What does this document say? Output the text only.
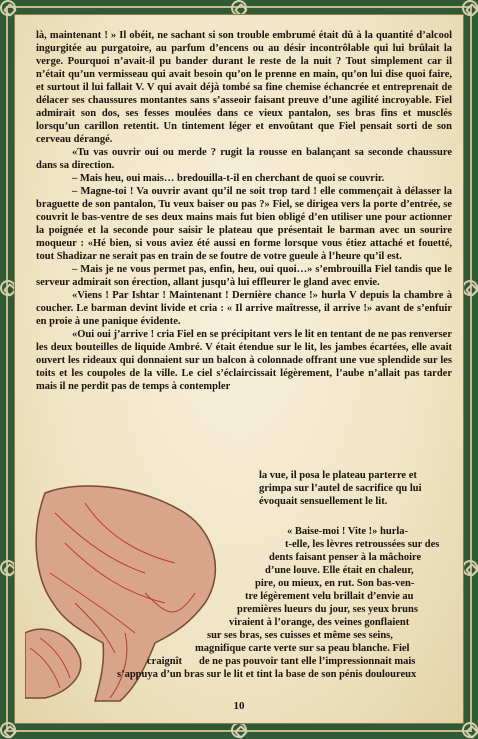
là, maintenant ! » Il obéit, ne sachant si son trouble embrumé était dû à la quantité d’alcool ingurgitée au purgatoire, au parfum d’encens ou au désir incontrôlable qui lui brûlait la verge. Pourquoi n’avait-il pu bander durant le reste de la nuit ? Tout simplement car il n’était qu’un vermisseau qui avait besoin qu’on le prenne en main, qu’on lui dise quoi faire, et surtout il lui fallait V. V qui avait déjà tombé sa fine chemise échancrée et entreprenait de délacer ses chaussures montantes sans s’asseoir faisant preuve d’une agilité incroyable. Fiel admirait son dos, ses fesses moulées dans ce vieux pantalon, ses bras fins et musclés lorsqu’un carillon retentit. Un tintement léger et envoûtant que Fiel pensait sorti de son cerveau dérangé.

«Tu vas ouvrir oui ou merde ? rugit la rousse en balançant sa seconde chaussure dans sa direction.

– Mais heu, oui mais… bredouilla-t-il en cherchant de quoi se couvrir.

– Magne-toi ! Va ouvrir avant qu’il ne soit trop tard ! elle commençait à délasser la braguette de son pantalon, Tu veux baiser ou pas ?» Fiel, se dirigea vers la porte d’entrée, se couvrit le bas-ventre de ses deux mains mais fut bien obligé d’en utiliser une pour actionner la poignée et la seconde pour saisir le plateau que présentait le barman avec un sourire moqueur : «Hé bien, si vous aviez été aussi en forme lorsque vous étiez attaché et fouetté, tout Shadizar ne serait pas en train de se foutre de votre gueule à l’heure qu’il est.

– Mais je ne vous permet pas, enfin, heu, oui quoi…» s’embrouilla Fiel tandis que le serveur admirait son érection, allant jusqu’à lui effleurer le gland avec envie.

«Viens ! Par Ishtar ! Maintenant ! Dernière chance !» hurla V depuis la chambre à coucher. Le barman devint livide et cria : « Il arrive maîtresse, il arrive !» avant de s’enfuir en proie à une panique évidente.

«Oui oui j’arrive ! cria Fiel en se précipitant vers le lit en tentant de ne pas renverser les deux bouteilles de liquide Ambré. V était étendue sur le lit, les jambes écartées, elle avait ouvert les rideaux qui donnaient sur un balcon à colonnade offrant une vue splendide sur les toits et les coupoles de la ville. Le ciel s’éclaircissait légèrement, l’aube n’allait pas tarder mais il ne perdit pas de temps à contempler

la vue, il posa le plateau parterre et
grimpa sur l’autel de sacrifice qu lui
évoquait sensuellement le lit.
« Baise-moi ! Vite !» hurla-
t-elle, les lèvres retroussées sur des
dents faisant penser à la mâchoire
d’une louve. Elle était en chaleur,
pire, ou mieux, en rut. Son bas-ven-
tre légèrement velu brillait d’envie au
premières lueurs du jour, ses yeux bruns
viraient à l’orange, des veines gonflaient
sur ses bras, ses cuisses et même ses seins,
magnifique carte verte sur sa peau blanche. Fiel
craignît de ne pas pouvoir tant elle l’impressionnait mais
s’appuya d’un bras sur le lit et tint la base de son pénis douloureux
10
